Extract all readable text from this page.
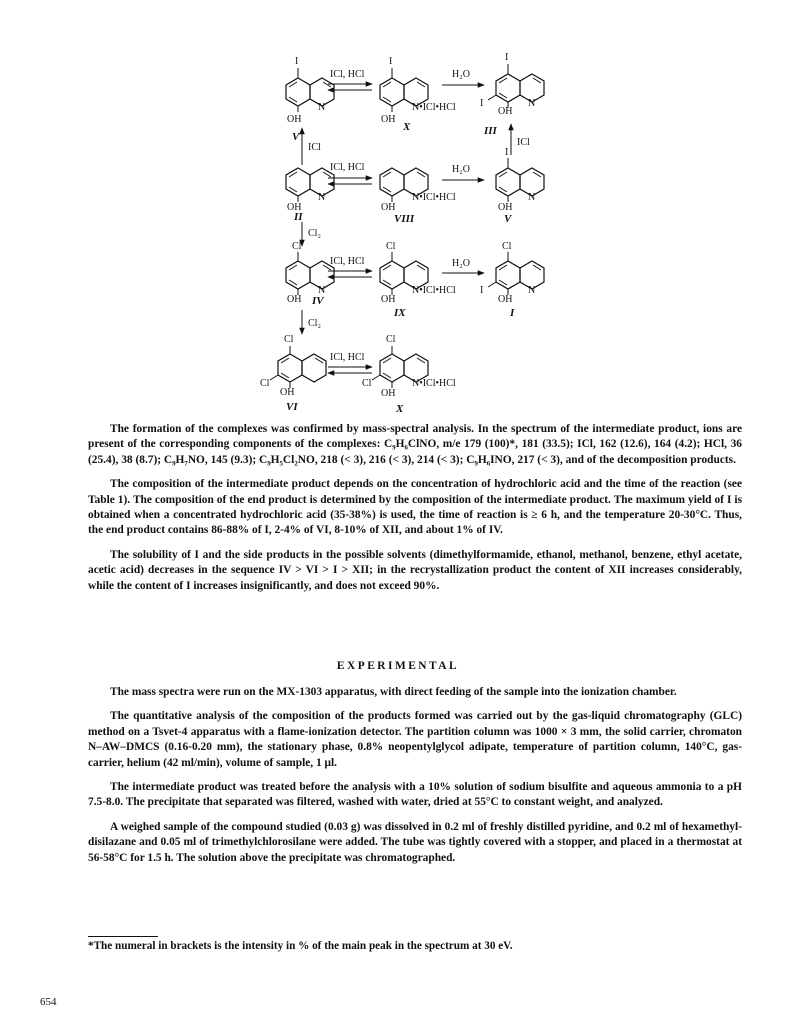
I
OH
N
V
ICl, HCl
I
OH
N•ICl•HCl
X
H₂O
I
I
OH
N
III
ICl	ICl
OH
N
II
ICl, HCl
OH
N•ICl•HCl
VIII
H₂O
I
OH
N
V
Cl₂
Cl
OH
N
IV
ICl, HCl
Cl
OH
N•ICl•HCl
IX
H₂O
Cl
I
OH
N
I
Cl₂
Cl
Cl
OH
VI
ICl, HCl
Cl
Cl
OH
N•ICl•HCl
X

The formation of the complexes was confirmed by mass-spectral analysis. In the spectrum of the intermediate product, ions are present of the corresponding components of the complexes: C₉H₆ClNO, m/e 179 (100)*, 181 (33.5); ICl, 162 (12.6), 164 (4.2); HCl, 36 (25.4), 38 (8.7); C₉H₇NO, 145 (9.3); C₉H₅Cl₂NO, 218 (< 3), 216 (< 3), 214 (< 3); C₉H₆INO, 217 (< 3), and of the decomposition products.

The composition of the intermediate product depends on the concentration of hydrochloric acid and the time of the reaction (see Table 1). The composition of the end product is determined by the composition of the intermediate product. The maximum yield of I is obtained when a concentrated hydrochloric acid (35-38%) is used, the time of reaction is ≥ 6 h, and the temperature 20-30°C. Thus, the end product contains 86-88% of I, 2-4% of VI, 8-10% of XII, and about 1% of IV.

The solubility of I and the side products in the possible solvents (dimethylformamide, ethanol, methanol, benzene, ethyl acetate, acetic acid) decreases in the sequence IV > VI > I > XII; in the recrystallization product the content of XII increases considerably, while the content of I increases insignificantly, and does not exceed 90%.

EXPERIMENTAL

The mass spectra were run on the MX-1303 apparatus, with direct feeding of the sample into the ionization chamber.

The quantitative analysis of the composition of the products formed was carried out by the gas-liquid chromatography (GLC) method on a Tsvet-4 apparatus with a flame-ionization detector. The partition column was 1000 × 3 mm, the solid carrier, chromaton N–AW–DMCS (0.16-0.20 mm), the stationary phase, 0.8% neopentylglycol adipate, temperature of partition column, 140°C, gas-carrier, helium (42 ml/min), volume of sample, 1 μl.

The intermediate product was treated before the analysis with a 10% solution of sodium bisulfite and aqueous ammonia to a pH 7.5-8.0. The precipitate that separated was filtered, washed with water, dried at 55°C to constant weight, and analyzed.

A weighed sample of the compound studied (0.03 g) was dissolved in 0.2 ml of freshly distilled pyridine, and 0.2 ml of hexamethyl-disilazane and 0.05 ml of trimethylchlorosilane were added. The tube was tightly covered with a stopper, and placed in a thermostat at 56-58°C for 1.5 h. The solution above the precipitate was chromatographed.

*The numeral in brackets is the intensity in % of the main peak in the spectrum at 30 eV.
654
